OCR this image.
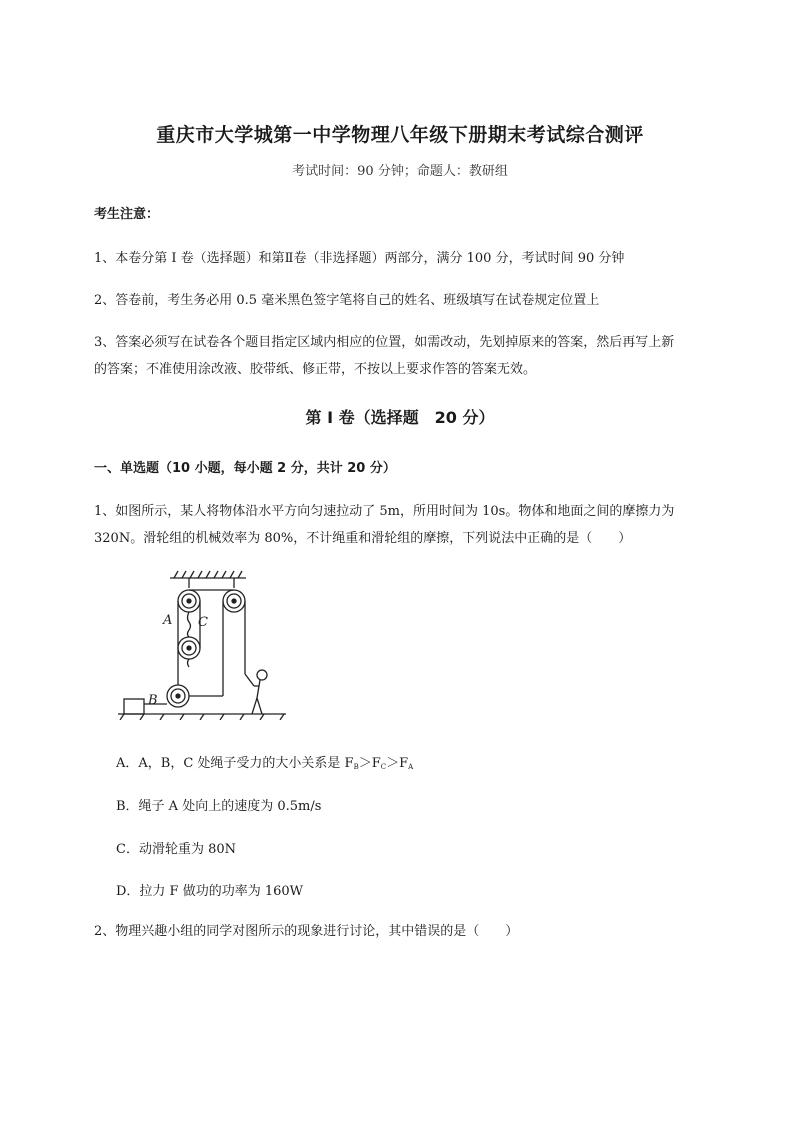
重庆市大学城第一中学物理八年级下册期末考试综合测评
考试时间：90 分钟；命题人：教研组
考生注意：
1、本卷分第 I 卷（选择题）和第Ⅱ卷（非选择题）两部分，满分 100 分，考试时间 90 分钟
2、答卷前，考生务必用 0.5 毫米黑色签字笔将自己的姓名、班级填写在试卷规定位置上
3、答案必须写在试卷各个题目指定区域内相应的位置，如需改动，先划掉原来的答案，然后再写上新
的答案；不准使用涂改液、胶带纸、修正带，不按以上要求作答的答案无效。
第 I 卷（选择题　20 分）
一、单选题（10 小题，每小题 2 分，共计 20 分）
1、如图所示，某人将物体沿水平方向匀速拉动了 5m，所用时间为 10s。物体和地面之间的摩擦力为
320N。滑轮组的机械效率为 80%，不计绳重和滑轮组的摩擦，下列说法中正确的是（　　）
A C
B
A．A，B，C 处绳子受力的大小关系是 $F_B>F_C>F_A$
B．绳子 A 处向上的速度为 0.5m/s
C．动滑轮重为 80N
D．拉力 F 做功的功率为 160W
2、物理兴趣小组的同学对图所示的现象进行讨论，其中错误的是（　　）
